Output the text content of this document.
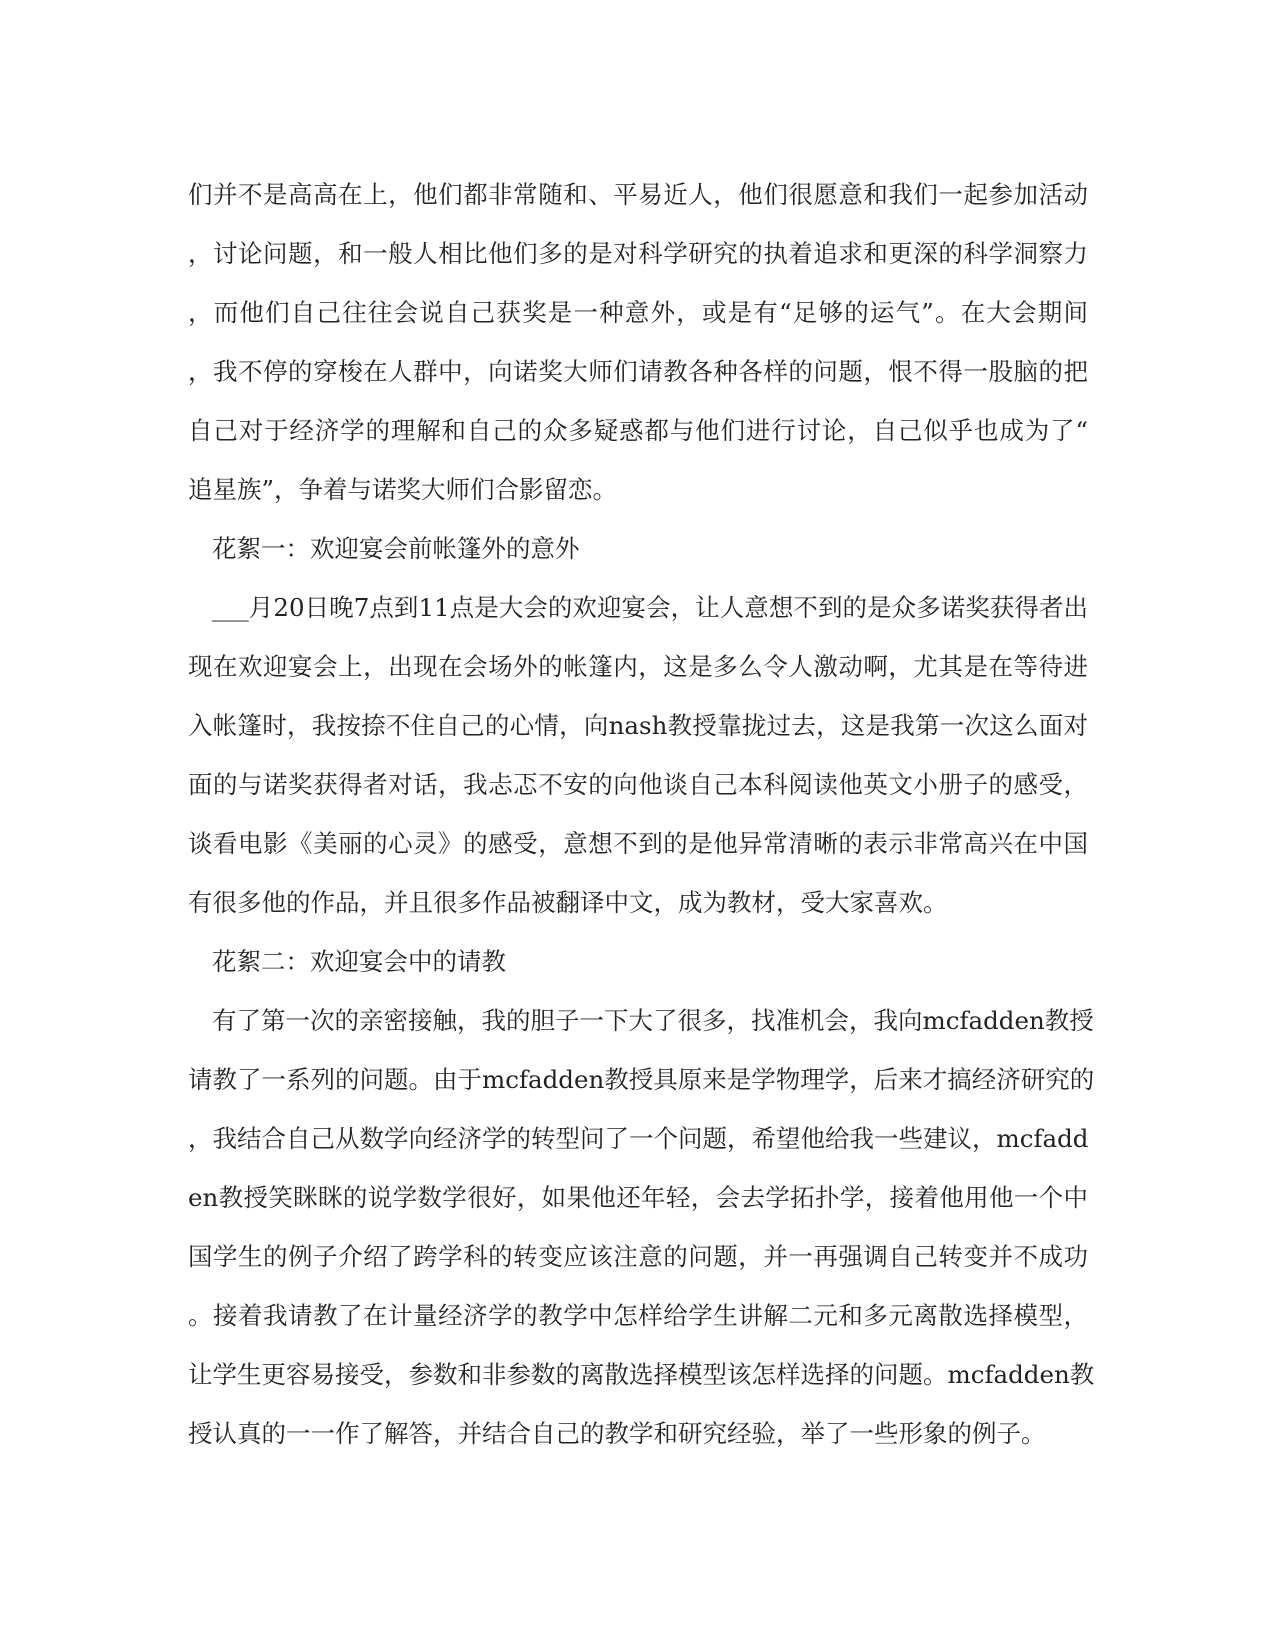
们并不是高高在上，他们都非常随和、平易近人，他们很愿意和我们一起参加活动
，讨论问题，和一般人相比他们多的是对科学研究的执着追求和更深的科学洞察力
，而他们自己往往会说自己获奖是一种意外，或是有“足够的运气”。在大会期间
，我不停的穿梭在人群中，向诺奖大师们请教各种各样的问题，恨不得一股脑的把
自己对于经济学的理解和自己的众多疑惑都与他们进行讨论，自己似乎也成为了“
追星族”，争着与诺奖大师们合影留恋。
花絮一：欢迎宴会前帐篷外的意外
___月20日晚7点到11点是大会的欢迎宴会，让人意想不到的是众多诺奖获得者出
现在欢迎宴会上，出现在会场外的帐篷内，这是多么令人激动啊，尤其是在等待进
入帐篷时，我按捺不住自己的心情，向nash教授靠拢过去，这是我第一次这么面对
面的与诺奖获得者对话，我忐忑不安的向他谈自己本科阅读他英文小册子的感受，
谈看电影《美丽的心灵》的感受，意想不到的是他异常清晰的表示非常高兴在中国
有很多他的作品，并且很多作品被翻译中文，成为教材，受大家喜欢。
花絮二：欢迎宴会中的请教
有了第一次的亲密接触，我的胆子一下大了很多，找准机会，我向mcfadden教授
请教了一系列的问题。由于mcfadden教授具原来是学物理学，后来才搞经济研究的
，我结合自己从数学向经济学的转型问了一个问题，希望他给我一些建议，mcfadd
en教授笑眯眯的说学数学很好，如果他还年轻，会去学拓扑学，接着他用他一个中
国学生的例子介绍了跨学科的转变应该注意的问题，并一再强调自己转变并不成功
。接着我请教了在计量经济学的教学中怎样给学生讲解二元和多元离散选择模型，
让学生更容易接受，参数和非参数的离散选择模型该怎样选择的问题。mcfadden教
授认真的一一作了解答，并结合自己的教学和研究经验，举了一些形象的例子。
